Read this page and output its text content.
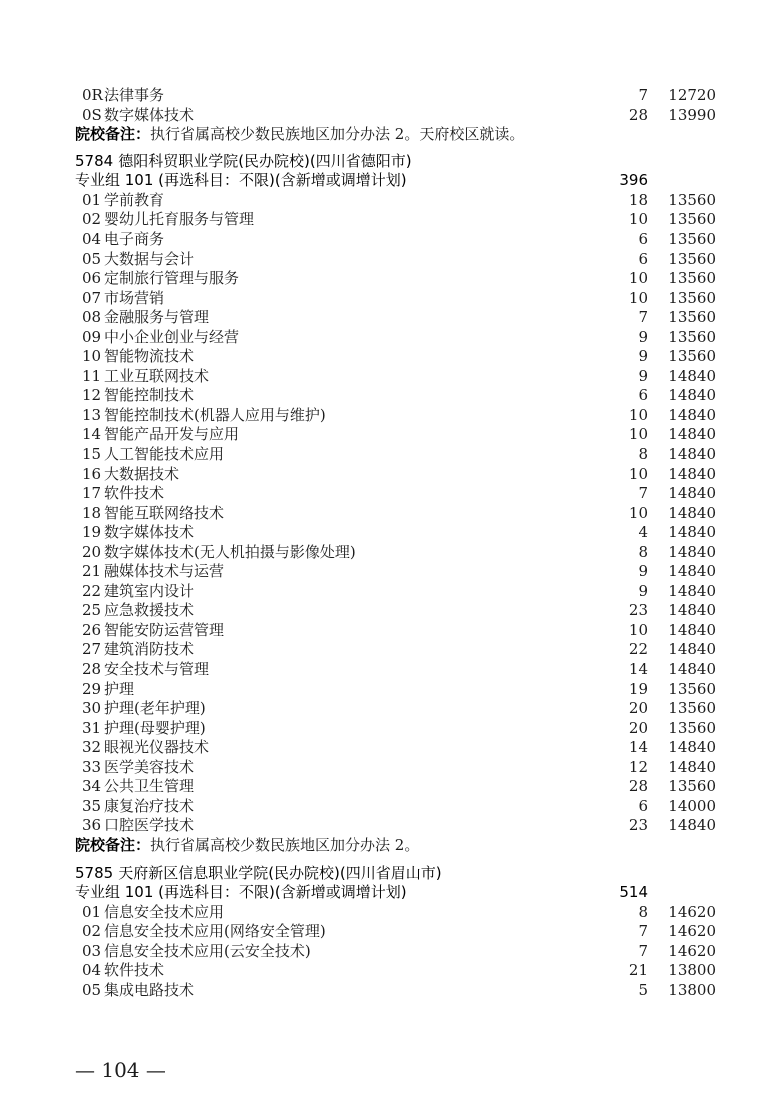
0R 法律事务	7 12720
0S 数字媒体技术	28 13990
院校备注：执行省属高校少数民族地区加分办法 2。天府校区就读。
5784 德阳科贸职业学院(民办院校)(四川省德阳市)
专业组 101 (再选科目：不限)(含新增或调增计划)	396
01 学前教育	18 13560
02 婴幼儿托育服务与管理	10 13560
04 电子商务	6 13560
05 大数据与会计	6 13560
06 定制旅行管理与服务	10 13560
07 市场营销	10 13560
08 金融服务与管理	7 13560
09 中小企业创业与经营	9 13560
10 智能物流技术	9 13560
11 工业互联网技术	9 14840
12 智能控制技术	6 14840
13 智能控制技术(机器人应用与维护)	10 14840
14 智能产品开发与应用	10 14840
15 人工智能技术应用	8 14840
16 大数据技术	10 14840
17 软件技术	7 14840
18 智能互联网络技术	10 14840
19 数字媒体技术	4 14840
20 数字媒体技术(无人机拍摄与影像处理)	8 14840
21 融媒体技术与运营	9 14840
22 建筑室内设计	9 14840
25 应急救援技术	23 14840
26 智能安防运营管理	10 14840
27 建筑消防技术	22 14840
28 安全技术与管理	14 14840
29 护理	19 13560
30 护理(老年护理)	20 13560
31 护理(母婴护理)	20 13560
32 眼视光仪器技术	14 14840
33 医学美容技术	12 14840
34 公共卫生管理	28 13560
35 康复治疗技术	6 14000
36 口腔医学技术	23 14840
院校备注：执行省属高校少数民族地区加分办法 2。
5785 天府新区信息职业学院(民办院校)(四川省眉山市)
专业组 101 (再选科目：不限)(含新增或调增计划)	514
01 信息安全技术应用	8 14620
02 信息安全技术应用(网络安全管理)	7 14620
03 信息安全技术应用(云安全技术)	7 14620
04 软件技术	21 13800
05 集成电路技术	5 13800
— 104 —
